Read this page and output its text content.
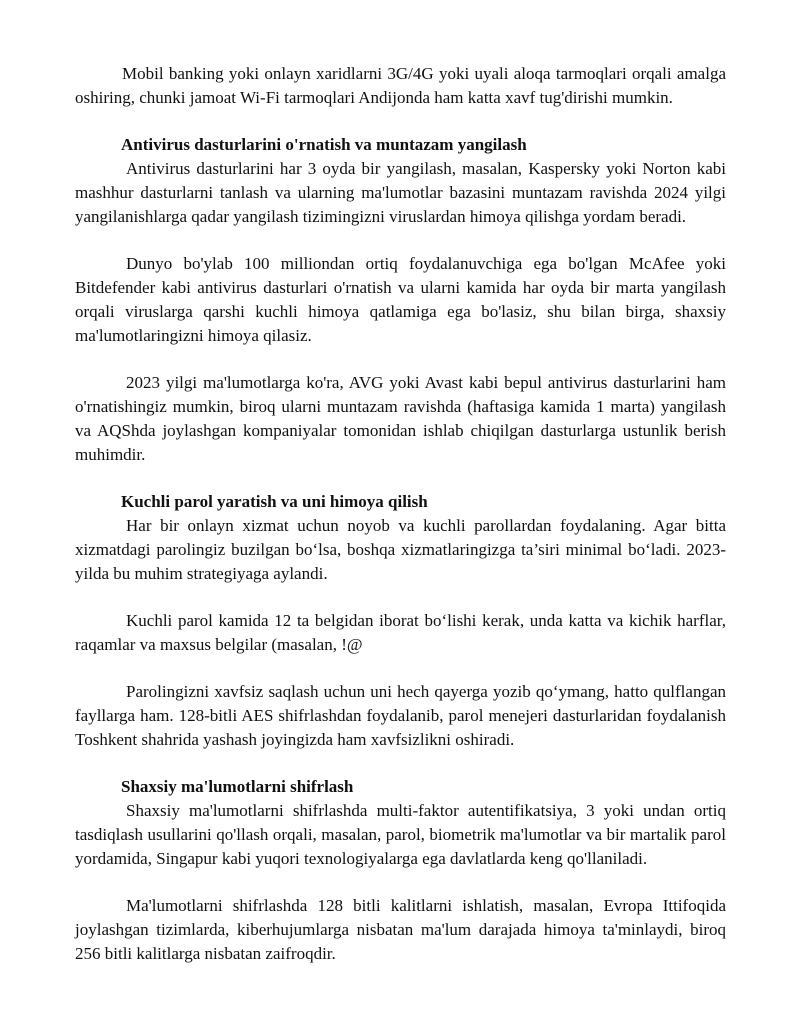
Mobil banking yoki onlayn xaridlarni 3G/4G yoki uyali aloqa tarmoqlari orqali amalga oshiring, chunki jamoat Wi-Fi tarmoqlari Andijonda ham katta xavf tug'dirishi mumkin.

Antivirus dasturlarini o'rnatish va muntazam yangilash

Antivirus dasturlarini har 3 oyda bir yangilash, masalan, Kaspersky yoki Norton kabi mashhur dasturlarni tanlash va ularning ma'lumotlar bazasini muntazam ravishda 2024 yilgi yangilanishlarga qadar yangilash tizimingizni viruslardan himoya qilishga yordam beradi.

Dunyo bo'ylab 100 milliondan ortiq foydalanuvchiga ega bo'lgan McAfee yoki Bitdefender kabi antivirus dasturlari o'rnatish va ularni kamida har oyda bir marta yangilash orqali viruslarga qarshi kuchli himoya qatlamiga ega bo'lasiz, shu bilan birga, shaxsiy ma'lumotlaringizni himoya qilasiz.

2023 yilgi ma'lumotlarga ko'ra, AVG yoki Avast kabi bepul antivirus dasturlarini ham o'rnatishingiz mumkin, biroq ularni muntazam ravishda (haftasiga kamida 1 marta) yangilash va AQShda joylashgan kompaniyalar tomonidan ishlab chiqilgan dasturlarga ustunlik berish muhimdir.

Kuchli parol yaratish va uni himoya qilish

Har bir onlayn xizmat uchun noyob va kuchli parollardan foydalaning. Agar bitta xizmatdagi parolingiz buzilgan bo‘lsa, boshqa xizmatlaringizga ta’siri minimal bo‘ladi. 2023-yilda bu muhim strategiyaga aylandi.

Kuchli parol kamida 12 ta belgidan iborat bo‘lishi kerak, unda katta va kichik harflar, raqamlar va maxsus belgilar (masalan, !@

Parolingizni xavfsiz saqlash uchun uni hech qayerga yozib qo‘ymang, hatto qulflangan fayllarga ham. 128-bitli AES shifrlashdan foydalanib, parol menejeri dasturlaridan foydalanish Toshkent shahrida yashash joyingizda ham xavfsizlikni oshiradi.

Shaxsiy ma'lumotlarni shifrlash

Shaxsiy ma'lumotlarni shifrlashda multi-faktor autentifikatsiya, 3 yoki undan ortiq tasdiqlash usullarini qo'llash orqali, masalan, parol, biometrik ma'lumotlar va bir martalik parol yordamida, Singapur kabi yuqori texnologiyalarga ega davlatlarda keng qo'llaniladi.

Ma'lumotlarni shifrlashda 128 bitli kalitlarni ishlatish, masalan, Evropa Ittifoqida joylashgan tizimlarda, kiberhujumlarga nisbatan ma'lum darajada himoya ta'minlaydi, biroq 256 bitli kalitlarga nisbatan zaifroqdir.
